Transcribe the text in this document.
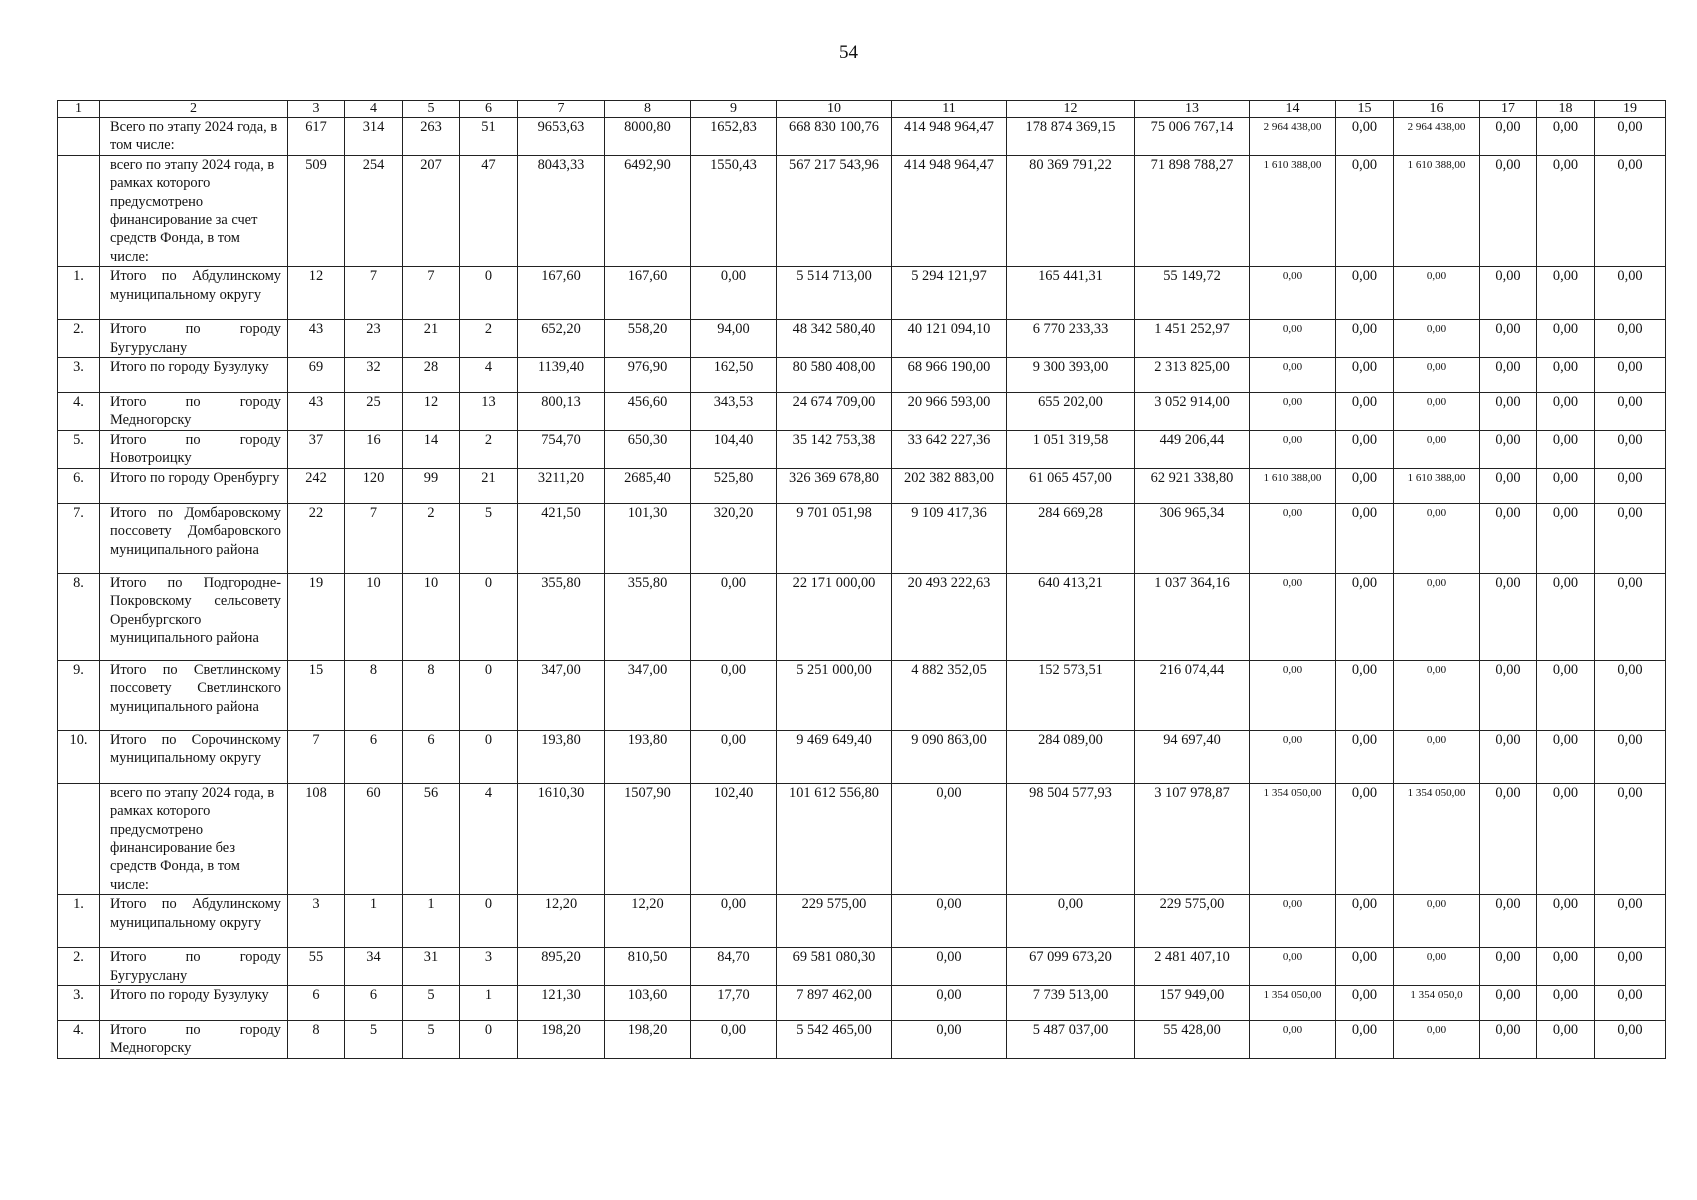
54
1	2	3	4	5	6	7	8	9	10	11	12	13	14	15	16	17	18	19
	Всего по этапу 2024 года, в том числе:	617	314	263	51	9653,63	8000,80	1652,83	668 830 100,76	414 948 964,47	178 874 369,15	75 006 767,14	2 964 438,00	0,00	2 964 438,00	0,00	0,00	0,00
	всего по этапу 2024 года, в рамках которого предусмотрено финансирование за счет средств Фонда, в том числе:	509	254	207	47	8043,33	6492,90	1550,43	567 217 543,96	414 948 964,47	80 369 791,22	71 898 788,27	1 610 388,00	0,00	1 610 388,00	0,00	0,00	0,00
1.	Итого по Абдулинскому муниципальному округу	12	7	7	0	167,60	167,60	0,00	5 514 713,00	5 294 121,97	165 441,31	55 149,72	0,00	0,00	0,00	0,00	0,00	0,00
2.	Итого по городу Бугуруслану	43	23	21	2	652,20	558,20	94,00	48 342 580,40	40 121 094,10	6 770 233,33	1 451 252,97	0,00	0,00	0,00	0,00	0,00	0,00
3.	Итого по городу Бузулуку	69	32	28	4	1139,40	976,90	162,50	80 580 408,00	68 966 190,00	9 300 393,00	2 313 825,00	0,00	0,00	0,00	0,00	0,00	0,00
4.	Итого по городу Медногорску	43	25	12	13	800,13	456,60	343,53	24 674 709,00	20 966 593,00	655 202,00	3 052 914,00	0,00	0,00	0,00	0,00	0,00	0,00
5.	Итого по городу Новотроицку	37	16	14	2	754,70	650,30	104,40	35 142 753,38	33 642 227,36	1 051 319,58	449 206,44	0,00	0,00	0,00	0,00	0,00	0,00
6.	Итого по городу Оренбургу	242	120	99	21	3211,20	2685,40	525,80	326 369 678,80	202 382 883,00	61 065 457,00	62 921 338,80	1 610 388,00	0,00	1 610 388,00	0,00	0,00	0,00
7.	Итого по Домбаровскому поссовету Домбаровского муниципального района	22	7	2	5	421,50	101,30	320,20	9 701 051,98	9 109 417,36	284 669,28	306 965,34	0,00	0,00	0,00	0,00	0,00	0,00
8.	Итого по Подгородне-Покровскому сельсовету Оренбургского муниципального района	19	10	10	0	355,80	355,80	0,00	22 171 000,00	20 493 222,63	640 413,21	1 037 364,16	0,00	0,00	0,00	0,00	0,00	0,00
9.	Итого по Светлинскому поссовету Светлинского муниципального района	15	8	8	0	347,00	347,00	0,00	5 251 000,00	4 882 352,05	152 573,51	216 074,44	0,00	0,00	0,00	0,00	0,00	0,00
10.	Итого по Сорочинскому муниципальному округу	7	6	6	0	193,80	193,80	0,00	9 469 649,40	9 090 863,00	284 089,00	94 697,40	0,00	0,00	0,00	0,00	0,00	0,00
	всего по этапу 2024 года, в рамках которого предусмотрено финансирование без средств Фонда, в том числе:	108	60	56	4	1610,30	1507,90	102,40	101 612 556,80	0,00	98 504 577,93	3 107 978,87	1 354 050,00	0,00	1 354 050,00	0,00	0,00	0,00
1.	Итого по Абдулинскому муниципальному округу	3	1	1	0	12,20	12,20	0,00	229 575,00	0,00	0,00	229 575,00	0,00	0,00	0,00	0,00	0,00	0,00
2.	Итого по городу Бугуруслану	55	34	31	3	895,20	810,50	84,70	69 581 080,30	0,00	67 099 673,20	2 481 407,10	0,00	0,00	0,00	0,00	0,00	0,00
3.	Итого по городу Бузулуку	6	6	5	1	121,30	103,60	17,70	7 897 462,00	0,00	7 739 513,00	157 949,00	1 354 050,00	0,00	1 354 050,0	0,00	0,00	0,00
4.	Итого по городу Медногорску	8	5	5	0	198,20	198,20	0,00	5 542 465,00	0,00	5 487 037,00	55 428,00	0,00	0,00	0,00	0,00	0,00	0,00
